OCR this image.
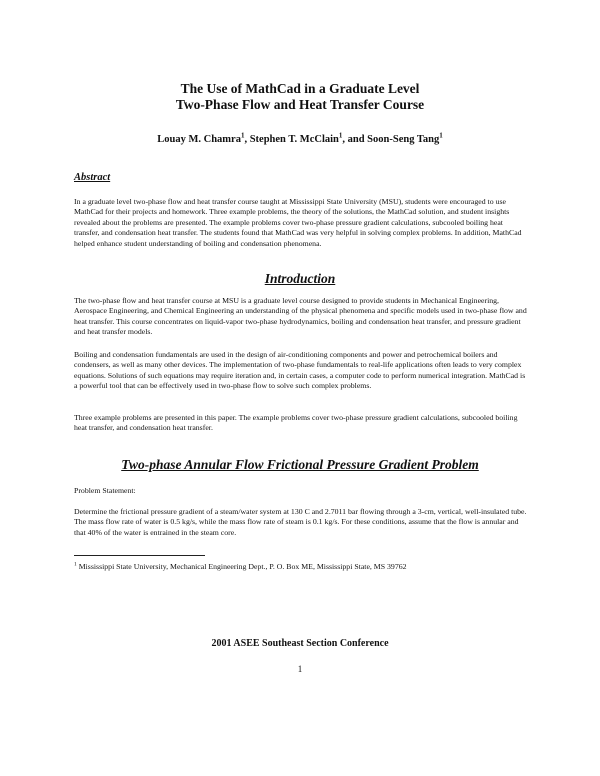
The Use of MathCad in a Graduate Level
Two-Phase Flow and Heat Transfer Course
Louay M. Chamra$^1$, Stephen T. McClain$^1$, and Soon-Seng Tang$^1$
Abstract
In a graduate level two-phase flow and heat transfer course taught at Mississippi State University (MSU), students were encouraged to use MathCad for their projects and homework. Three example problems, the theory of the solutions, the MathCad solution, and student insights revealed about the problems are presented. The example problems cover two-phase pressure gradient calculations, subcooled boiling heat transfer, and condensation heat transfer. The students found that MathCad was very helpful in solving complex problems. In addition, MathCad helped enhance student understanding of boiling and condensation phenomena.
Introduction
The two-phase flow and heat transfer course at MSU is a graduate level course designed to provide students in Mechanical Engineering, Aerospace Engineering, and Chemical Engineering an understanding of the physical phenomena and specific models used in two-phase flow and heat transfer. This course concentrates on liquid-vapor two-phase hydrodynamics, boiling and condensation heat transfer, and pressure gradient and heat transfer models.
Boiling and condensation fundamentals are used in the design of air-conditioning components and power and petrochemical boilers and condensers, as well as many other devices. The implementation of two-phase fundamentals to real-life applications often leads to very complex equations. Solutions of such equations may require iteration and, in certain cases, a computer code to perform numerical integration. MathCad is a powerful tool that can be effectively used in two-phase flow to solve such complex problems.
Three example problems are presented in this paper. The example problems cover two-phase pressure gradient calculations, subcooled boiling heat transfer, and condensation heat transfer.
Two-phase Annular Flow Frictional Pressure Gradient Problem
Problem Statement:
Determine the frictional pressure gradient of a steam/water system at 130 C and 2.7011 bar flowing through a 3-cm, vertical, well-insulated tube. The mass flow rate of water is 0.5 kg/s, while the mass flow rate of steam is 0.1 kg/s. For these conditions, assume that the flow is annular and that 40% of the water is entrained in the steam core.
$^1$ Mississippi State University, Mechanical Engineering Dept., P. O. Box ME, Mississippi State, MS 39762
2001 ASEE Southeast Section Conference
1
